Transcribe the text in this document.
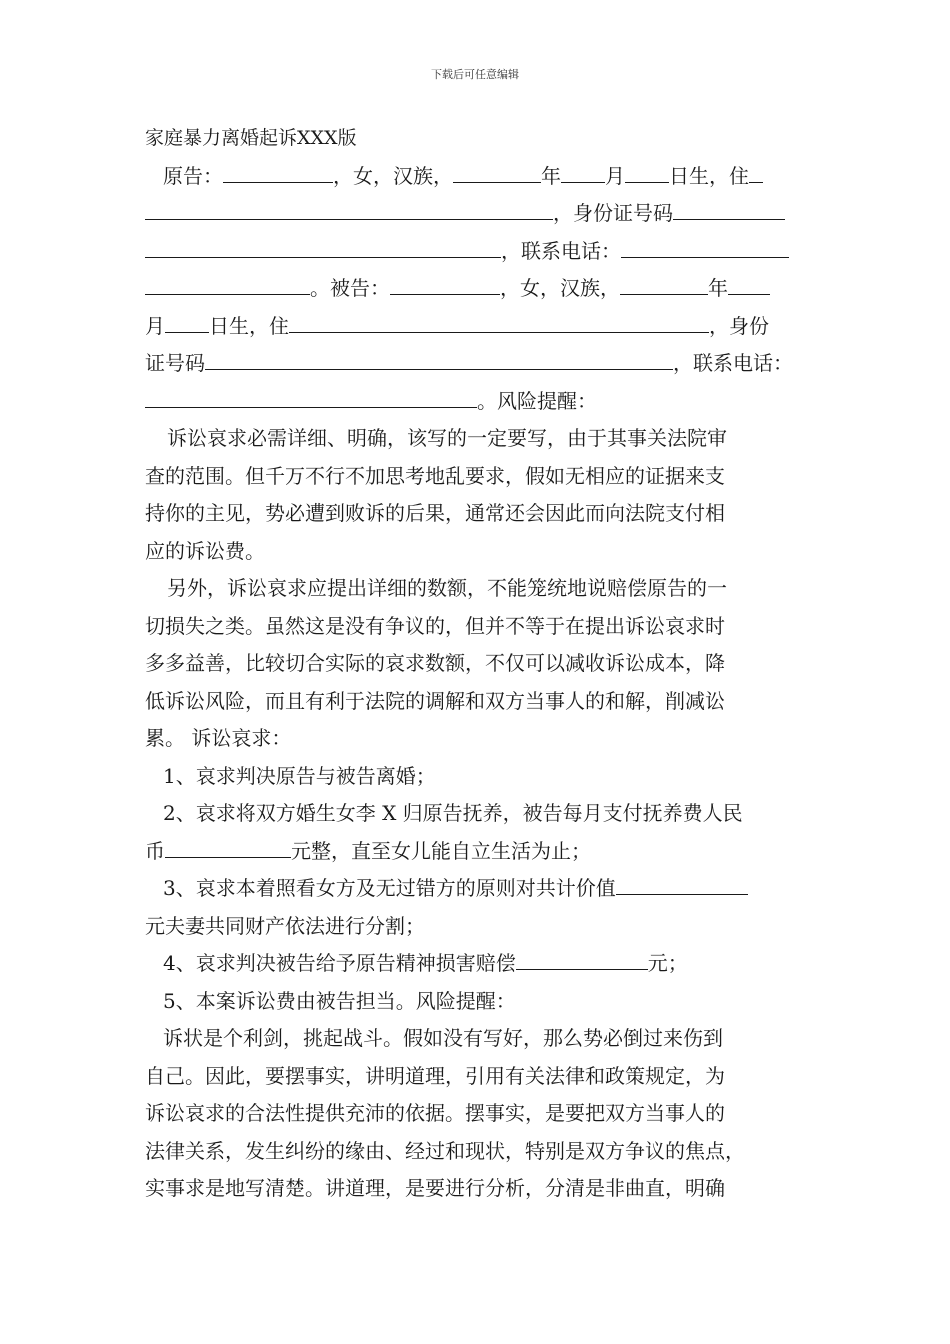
下载后可任意编辑
家庭暴力离婚起诉XXX版
原告：	，女，汉族，	年 月 日生，住
，身份证号码
，联系电话：
。被告：	，女，汉族，	年
月 日生，住	，身份
证号码	，联系电话：
。风险提醒：
诉讼哀求必需详细、明确，该写的一定要写，由于其事关法院审
查的范围。但千万不行不加思考地乱要求，假如无相应的证据来支
持你的主见，势必遭到败诉的后果，通常还会因此而向法院支付相
应的诉讼费。
另外，诉讼哀求应提出详细的数额，不能笼统地说赔偿原告的一
切损失之类。虽然这是没有争议的，但并不等于在提出诉讼哀求时
多多益善，比较切合实际的哀求数额，不仅可以减收诉讼成本，降
低诉讼风险，而且有利于法院的调解和双方当事人的和解，削减讼
累。 诉讼哀求：
1、哀求判决原告与被告离婚；
2、哀求将双方婚生女李 X 归原告抚养，被告每月支付抚养费人民
币	元整，直至女儿能自立生活为止；
3、哀求本着照看女方及无过错方的原则对共计价值
元夫妻共同财产依法进行分割；
4、哀求判决被告给予原告精神损害赔偿	元；
5、本案诉讼费由被告担当。风险提醒：
诉状是个利剑，挑起战斗。假如没有写好，那么势必倒过来伤到
自己。因此，要摆事实，讲明道理，引用有关法律和政策规定，为
诉讼哀求的合法性提供充沛的依据。摆事实，是要把双方当事人的
法律关系，发生纠纷的缘由、经过和现状，特别是双方争议的焦点，
实事求是地写清楚。讲道理，是要进行分析，分清是非曲直，明确
